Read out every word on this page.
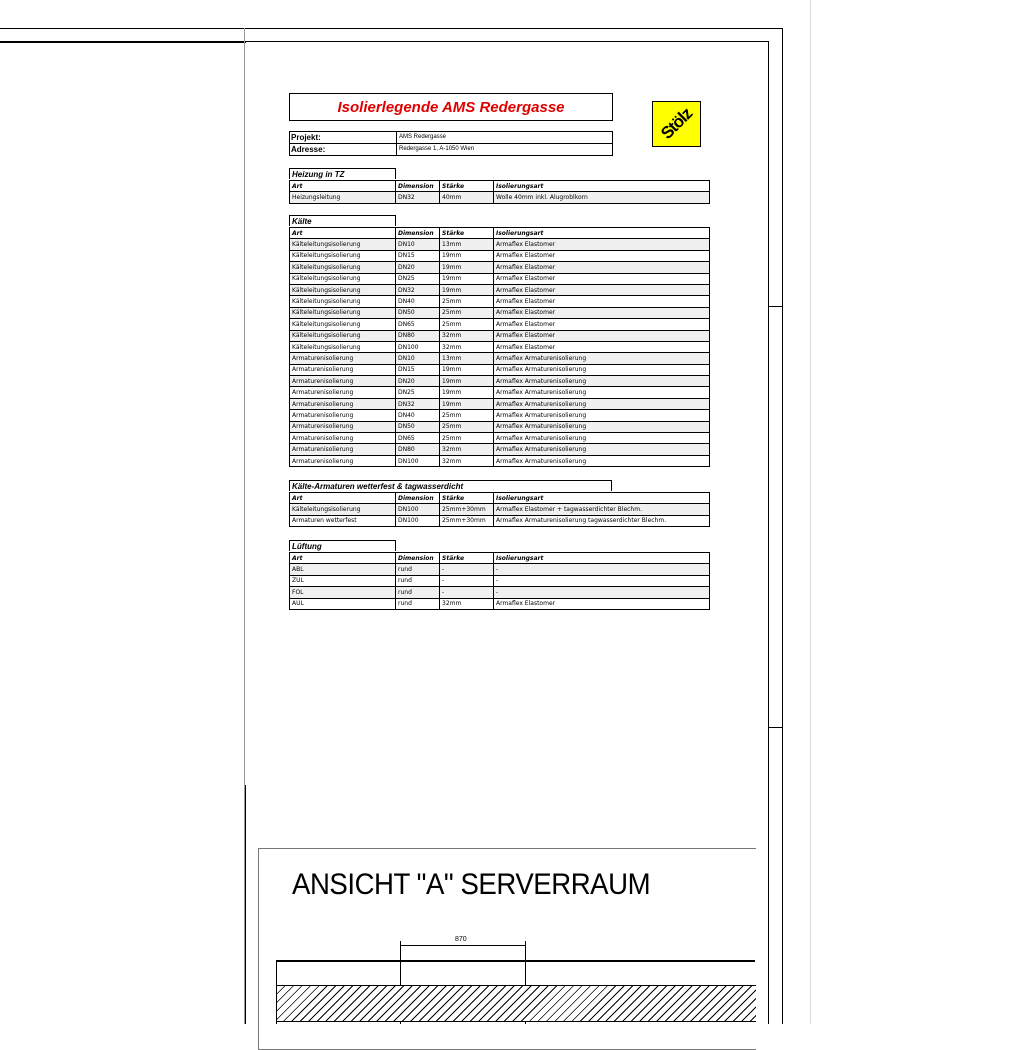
Isolierlegende AMS Redergasse	Stölz
Projekt:	AMS Redergasse
Adresse:	Redergasse 1, A-1050 Wien
Heizung in TZ
Art	Dimension	Stärke	Isolierungsart
Heizungsleitung	DN32	40mm	Wolle 40mm inkl. Alugroblkorn
Kälte
Art	Dimension	Stärke	Isolierungsart
Kälteleitungsisolierung	DN10	13mm	Armaflex Elastomer
Kälteleitungsisolierung	DN15	19mm	Armaflex Elastomer
Kälteleitungsisolierung	DN20	19mm	Armaflex Elastomer
Kälteleitungsisolierung	DN25	19mm	Armaflex Elastomer
Kälteleitungsisolierung	DN32	19mm	Armaflex Elastomer
Kälteleitungsisolierung	DN40	25mm	Armaflex Elastomer
Kälteleitungsisolierung	DN50	25mm	Armaflex Elastomer
Kälteleitungsisolierung	DN65	25mm	Armaflex Elastomer
Kälteleitungsisolierung	DN80	32mm	Armaflex Elastomer
Kälteleitungsisolierung	DN100	32mm	Armaflex Elastomer
Armaturenisolierung	DN10	13mm	Armaflex Armaturenisolierung
Armaturenisolierung	DN15	19mm	Armaflex Armaturenisolierung
Armaturenisolierung	DN20	19mm	Armaflex Armaturenisolierung
Armaturenisolierung	DN25	19mm	Armaflex Armaturenisolierung
Armaturenisolierung	DN32	19mm	Armaflex Armaturenisolierung
Armaturenisolierung	DN40	25mm	Armaflex Armaturenisolierung
Armaturenisolierung	DN50	25mm	Armaflex Armaturenisolierung
Armaturenisolierung	DN65	25mm	Armaflex Armaturenisolierung
Armaturenisolierung	DN80	32mm	Armaflex Armaturenisolierung
Armaturenisolierung	DN100	32mm	Armaflex Armaturenisolierung
Kälte-Armaturen wetterfest & tagwasserdicht
Art	Dimension	Stärke	Isolierungsart
Kälteleitungsisolierung	DN100	25mm+30mm	Armaflex Elastomer + tagwasserdichter Blechm.
Armaturen wetterfest	DN100	25mm+30mm	Armaflex Armaturenisolierung tagwasserdichter Blechm.
Lüftung
Art	Dimension	Stärke	Isolierungsart
ABL	rund	-	-
ZUL	rund	-	-
FOL	rund	-	-
AUL	rund	32mm	Armaflex Elastomer
ANSICHT "A" SERVERRAUM
870
